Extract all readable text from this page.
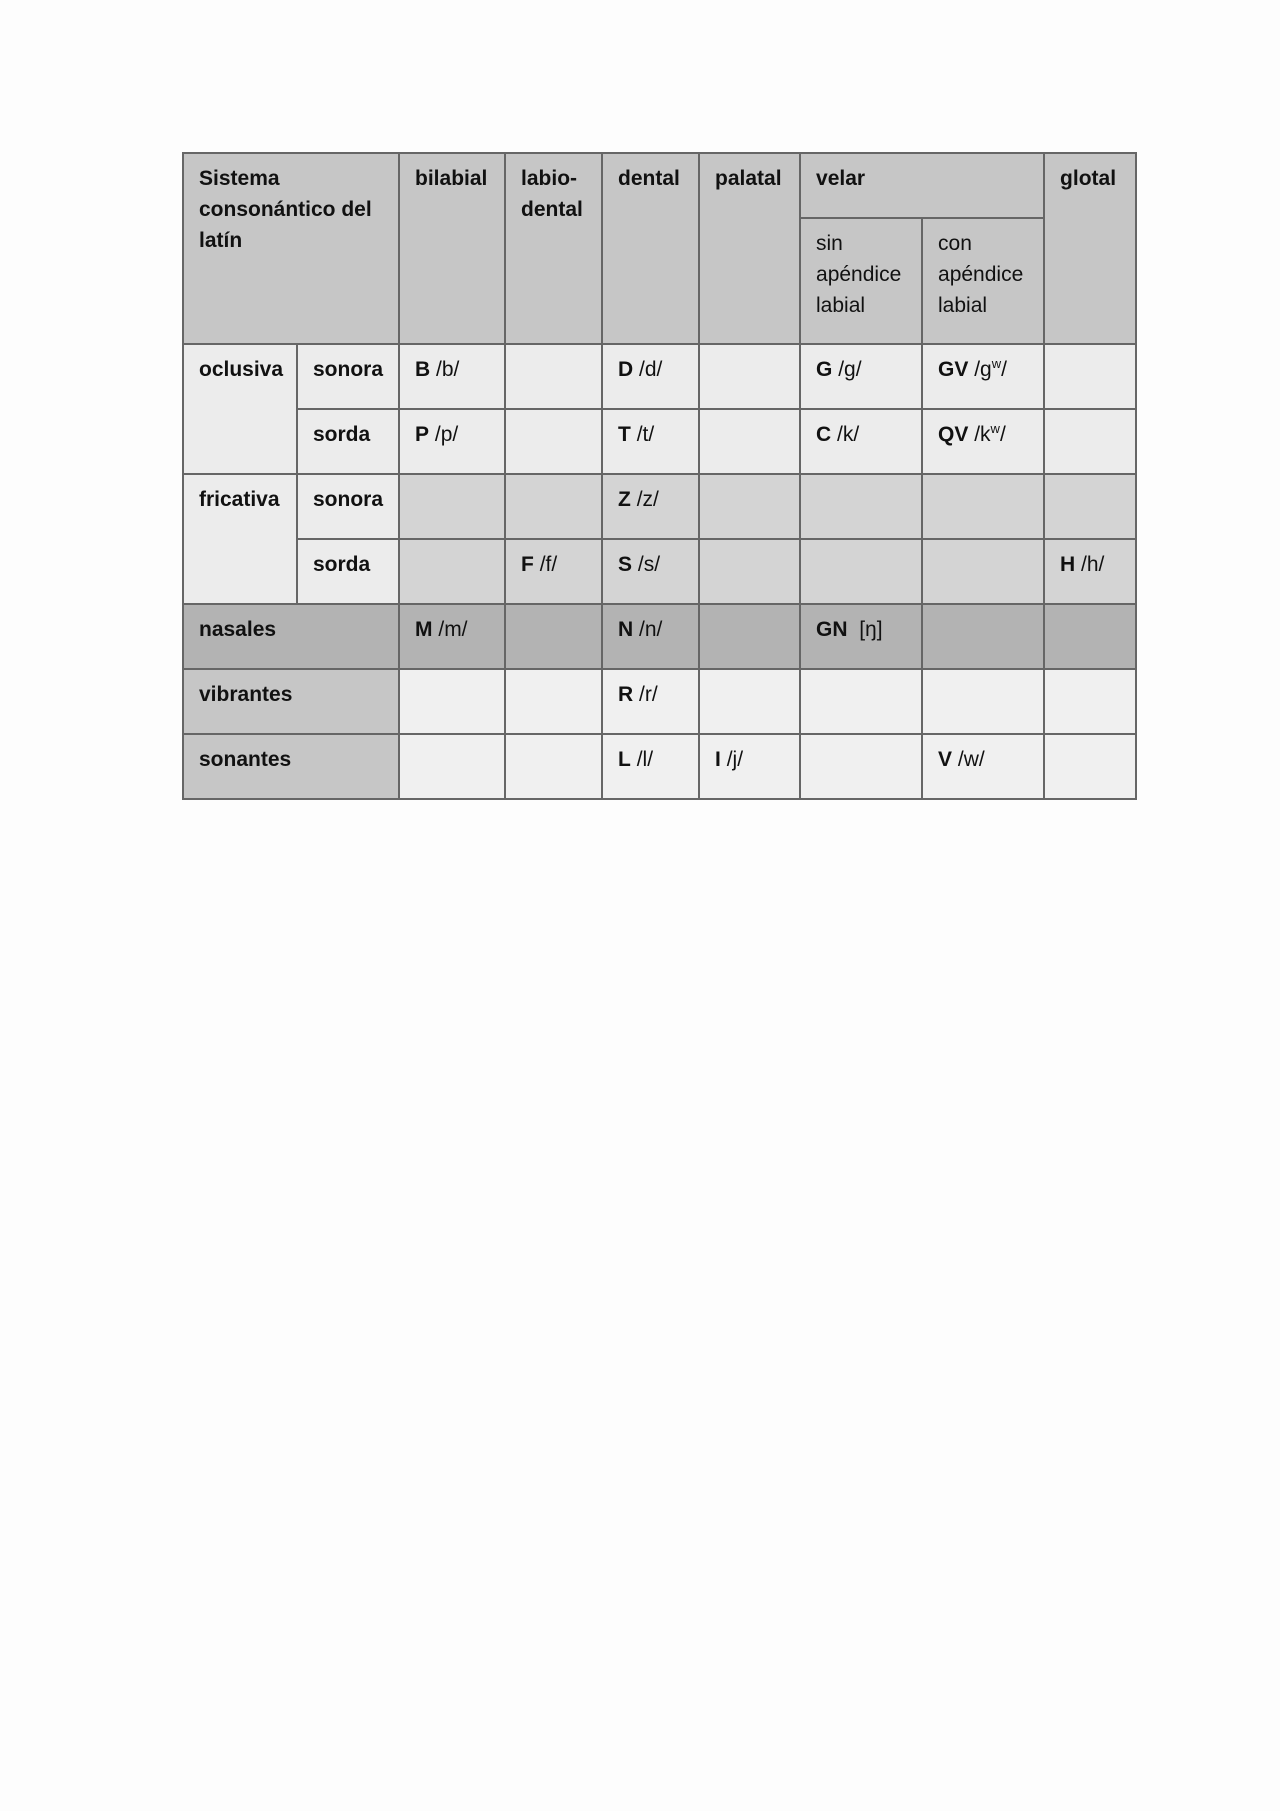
Sistema consonántico del latín		bilabial	labio-dental	dental	palatal	velar		glotal
						sin apéndice labial	con apéndice labial	
oclusiva	sonora	B /b/		D /d/		G /g/	GV $/g^w/$	
	sorda	P /p/		T /t/		C /k/	QV $/k^w/$	
fricativa	sonora			Z /z/				
	sorda		F /f/	S /s/				H /h/
nasales		M /m/		N /n/		GN  [ŋ]		
vibrantes				R /r/				
sonantes				L /l/	I /j/		V /w/	
